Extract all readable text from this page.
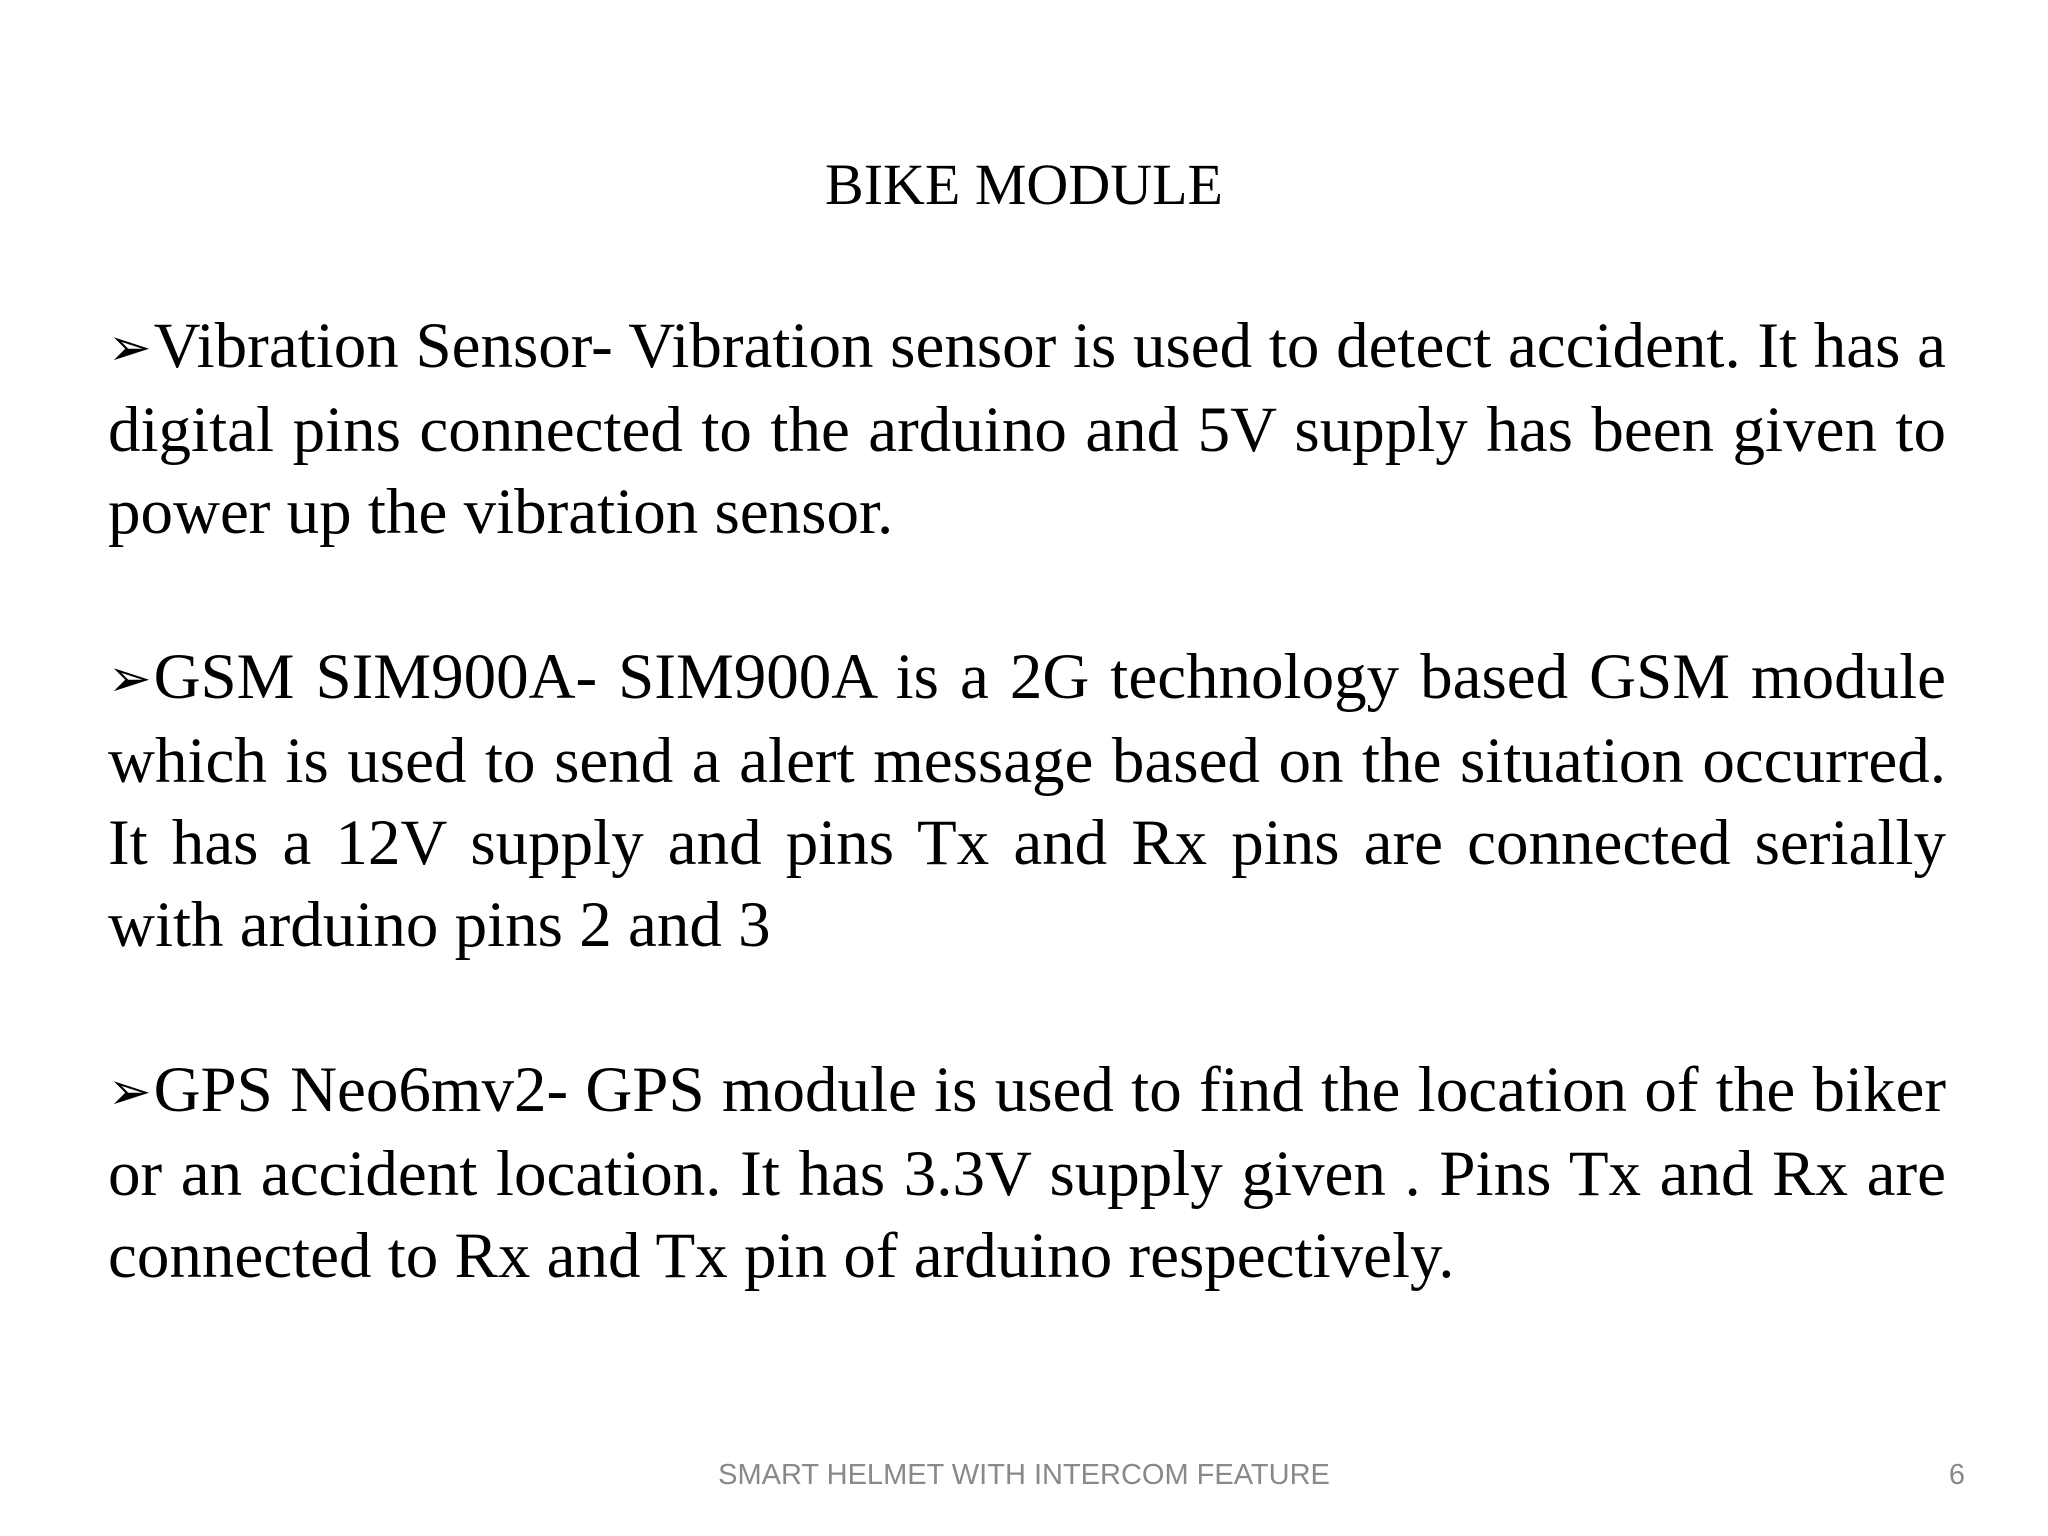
BIKE MODULE

➢Vibration Sensor- Vibration sensor is used to detect accident. It has a digital pins connected to the arduino and 5V supply has been given to power up the vibration sensor.

➢GSM SIM900A- SIM900A is a 2G technology based GSM module which is used to send a alert message based on the situation occurred. It has a 12V supply and pins Tx and Rx pins are connected serially with arduino pins 2 and 3

➢GPS Neo6mv2- GPS module is used to find the location of the biker or an accident location. It has 3.3V supply given . Pins Tx and Rx are connected to Rx and Tx pin of arduino respectively.

SMART HELMET WITH INTERCOM FEATURE	6
